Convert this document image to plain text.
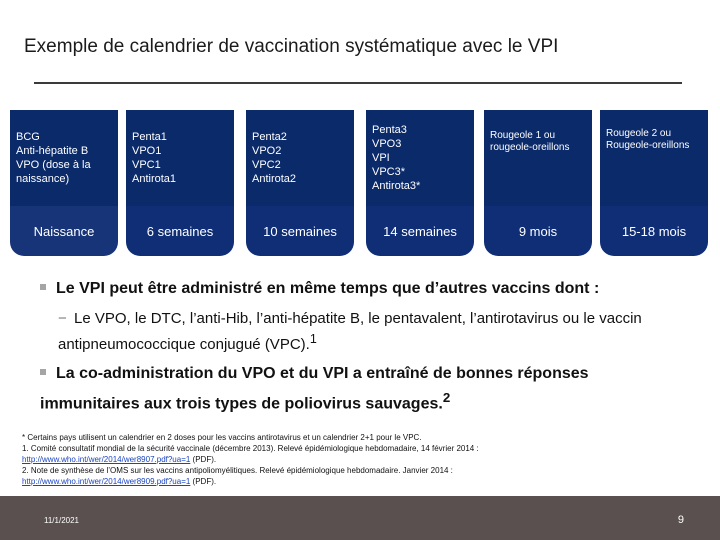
Exemple de calendrier de vaccination systématique avec le VPI
BCG
Anti-hépatite B
VPO (dose à la
naissance)
Naissance
Penta1
VPO1
VPC1
Antirota1
6 semaines
Penta2
VPO2
VPC2
Antirota2
10 semaines
Penta3
VPO3
VPI
VPC3*
Antirota3*
14 semaines
Rougeole 1 ou
rougeole-oreillons
9 mois
Rougeole 2 ou
Rougeole-oreillons
15-18 mois
Le VPI peut être administré en même temps que d’autres vaccins dont :
− Le VPO, le DTC, l’anti-Hib, l’anti-hépatite B, le pentavalent, l’antirotavirus ou le vaccin antipneumococcique conjugué (VPC).$^1$
La co-administration du VPO et du VPI a entraîné de bonnes réponses immunitaires aux trois types de poliovirus sauvages.$^2$
* Certains pays utilisent un calendrier en 2 doses pour les vaccins antirotavirus et un calendrier 2+1 pour le VPC.
1. Comité consultatif mondial de la sécurité vaccinale (décembre 2013). Relevé épidémiologique hebdomadaire, 14 février 2014 :
http://www.who.int/wer/2014/wer8907.pdf?ua=1 (PDF).
2. Note de synthèse de l’OMS sur les vaccins antipoliomyélitiques. Relevé épidémiologique hebdomadaire. Janvier 2014 :
http://www.who.int/wer/2014/wer8909.pdf?ua=1 (PDF).
11/1/2021	9
